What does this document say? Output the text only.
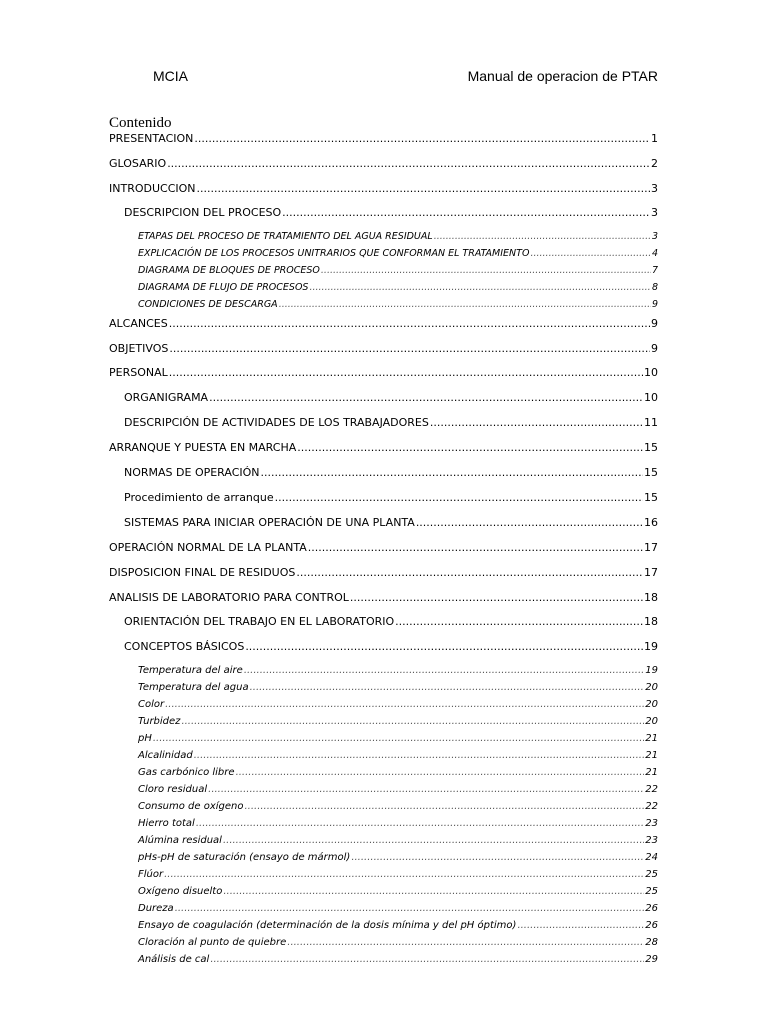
MCIA	Manual de operacion de PTAR
Contenido
PRESENTACION .....	1
GLOSARIO .....	2
INTRODUCCION .....	3
DESCRIPCION DEL PROCESO .....	3
ETAPAS DEL PROCESO DE TRATAMIENTO DEL AGUA RESIDUAL .....	3
EXPLICACIÓN DE LOS PROCESOS UNITRARIOS QUE CONFORMAN EL TRATAMIENTO .....	4
DIAGRAMA DE BLOQUES DE PROCESO .....	7
DIAGRAMA DE FLUJO DE PROCESOS .....	8
CONDICIONES DE DESCARGA .....	9
ALCANCES .....	9
OBJETIVOS .....	9
PERSONAL .....	10
ORGANIGRAMA .....	10
DESCRIPCIÓN DE ACTIVIDADES DE LOS TRABAJADORES .....	11
ARRANQUE Y PUESTA EN MARCHA .....	15
NORMAS DE OPERACIÓN .....	15
Procedimiento de arranque .....	15
SISTEMAS PARA INICIAR OPERACIÓN DE UNA PLANTA .....	16
OPERACIÓN NORMAL DE LA PLANTA .....	17
DISPOSICION FINAL DE RESIDUOS .....	17
ANALISIS DE LABORATORIO PARA CONTROL .....	18
ORIENTACIÓN DEL TRABAJO EN EL LABORATORIO .....	18
CONCEPTOS BÁSICOS .....	19
Temperatura del aire .....	19
Temperatura del agua .....	20
Color .....	20
Turbidez .....	20
pH .....	21
Alcalinidad .....	21
Gas carbónico libre .....	21
Cloro residual .....	22
Consumo de oxígeno .....	22
Hierro total .....	23
Alúmina residual .....	23
pHs-pH de saturación (ensayo de mármol) .....	24
Flúor .....	25
Oxígeno disuelto .....	25
Dureza .....	26
Ensayo de coagulación (determinación de la dosis mínima y del pH óptimo) .....	26
Cloración al punto de quiebre .....	28
Análisis de cal .....	29
